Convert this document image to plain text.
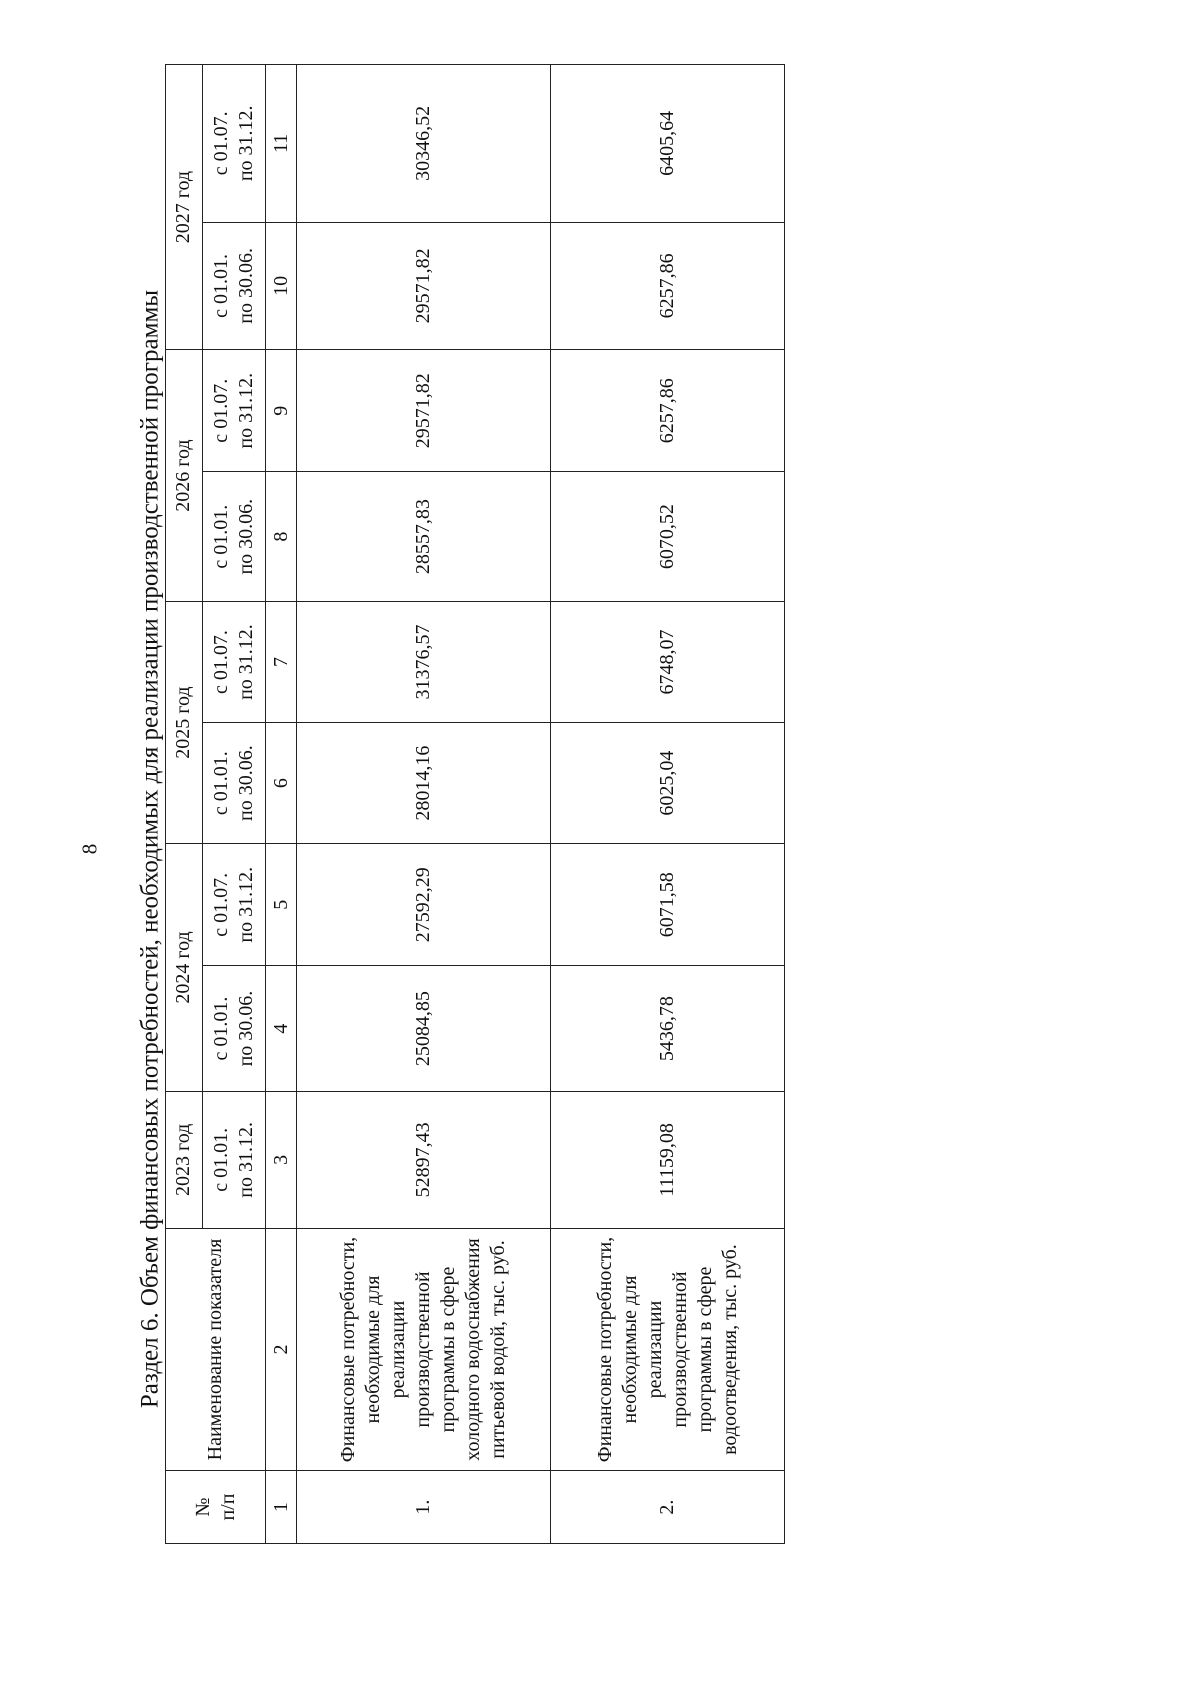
8 Раздел 6. Объем финансовых потребностей, необходимых для реализации производственной программы
№ п/п	Наименование показателя	2023 год	2024 год		2025 год		2026 год		2027 год	

		с 01.01. по 31.12.	с 01.01. по 30.06.	с 01.07. по 31.12.	с 01.01. по 30.06.	с 01.07. по 31.12.	с 01.01. по 30.06.	с 01.07. по 31.12.	с 01.01. по 30.06.	с 01.07. по 31.12.

1	2	3	4	5	6	7	8	9	10	11
1.	Финансовые потребности, необходимые для реализации производственной программы в сфере холодного водоснабжения питьевой водой, тыс. руб.	52897,43	25084,85	27592,29	28014,16	31376,57	28557,83	29571,82	29571,82	30346,52
2.	Финансовые потребности, необходимые для реализации производственной программы в сфере водоотведения, тыс. руб.	11159,08	5436,78	6071,58	6025,04	6748,07	6070,52	6257,86	6257,86	6405,64
